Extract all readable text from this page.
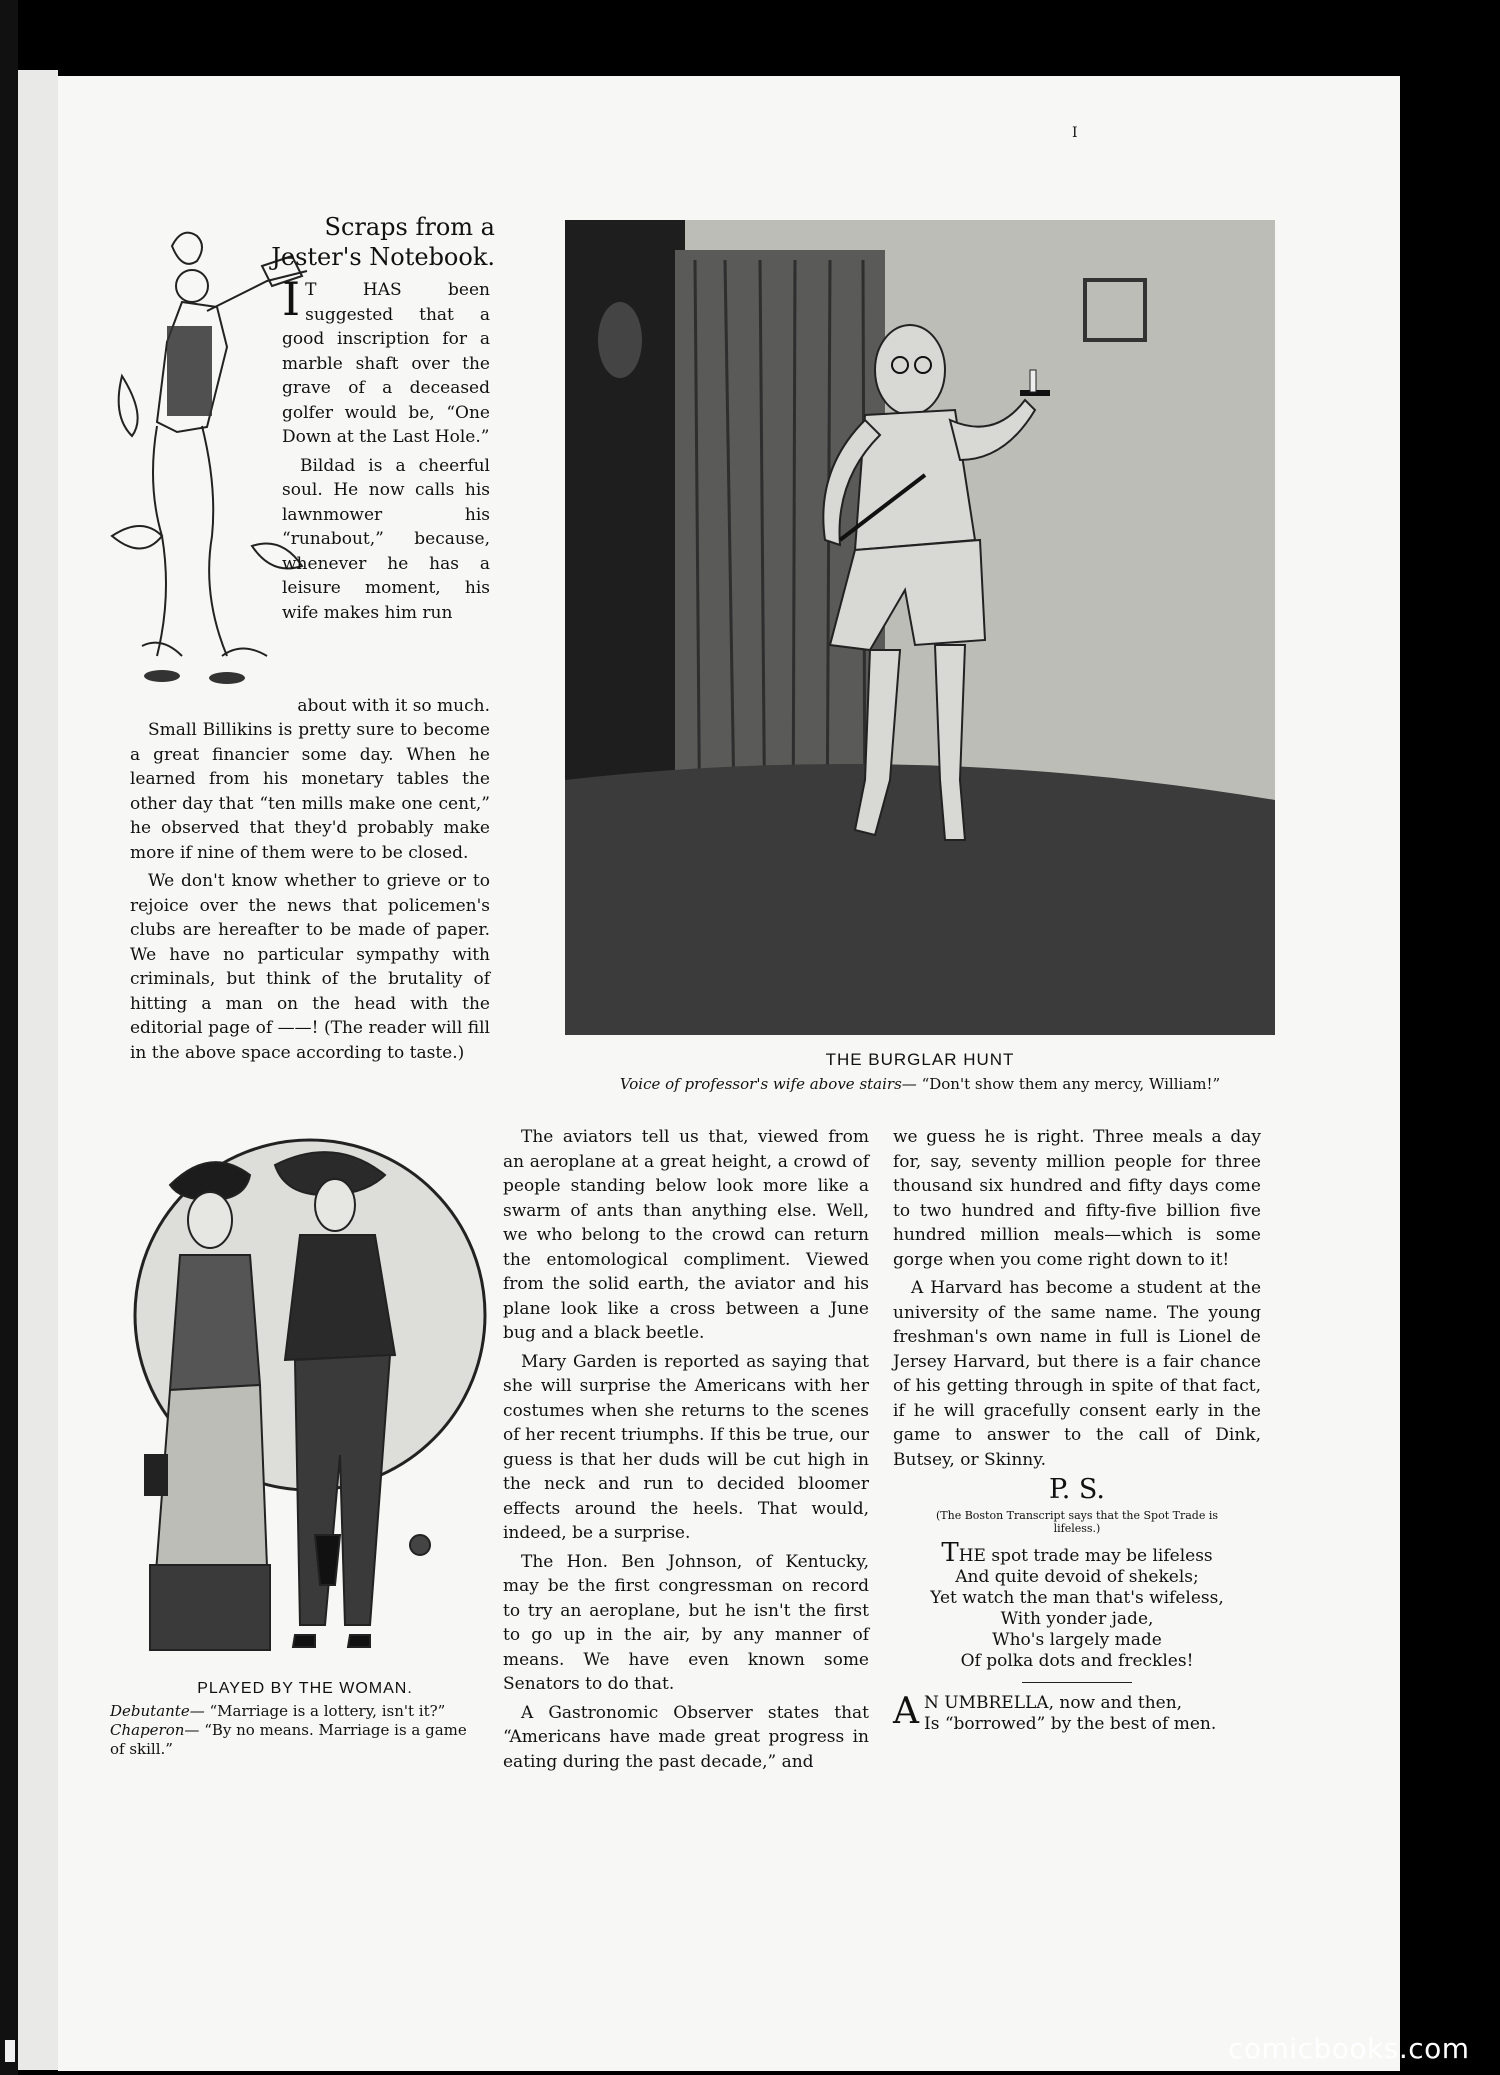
I
Scraps from a Jester's Notebook.

I T HAS been suggested that a good inscription for a marble shaft over the grave of a deceased golfer would be, “One Down at the Last Hole.”

Bildad is a cheerful soul. He now calls his lawnmower his “runabout,” because, whenever he has a leisure moment, his wife makes him run

about with it so much.

Small Billikins is pretty sure to become a great financier some day. When he learned from his monetary tables the other day that “ten mills make one cent,” he observed that they'd probably make more if nine of them were to be closed.

We don't know whether to grieve or to rejoice over the news that policemen's clubs are hereafter to be made of paper. We have no particular sympathy with criminals, but think of the brutality of hitting a man on the head with the editorial page of ——! (The reader will fill in the above space according to taste.)	THE BURGLAR HUNT
Voice of professor's wife above stairs— “Don't show them any mercy, William!”
PLAYED BY THE WOMAN.
Debutante— “Marriage is a lottery, isn't it?”
Chaperon— “By no means. Marriage is a game of skill.”

The aviators tell us that, viewed from an aeroplane at a great height, a crowd of people standing below look more like a swarm of ants than anything else. Well, we who belong to the crowd can return the entomological compliment. Viewed from the solid earth, the aviator and his plane look like a cross between a June bug and a black beetle.

Mary Garden is reported as saying that she will surprise the Americans with her costumes when she returns to the scenes of her recent triumphs. If this be true, our guess is that her duds will be cut high in the neck and run to decided bloomer effects around the heels. That would, indeed, be a surprise.

The Hon. Ben Johnson, of Kentucky, may be the first congressman on record to try an aeroplane, but he isn't the first to go up in the air, by any manner of means. We have even known some Senators to do that.

A Gastronomic Observer states that “Americans have made great progress in eating during the past decade,” and

we guess he is right. Three meals a day for, say, seventy million people for three thousand six hundred and fifty days come to two hundred and fifty-five billion five hundred million meals—which is some gorge when you come right down to it!

A Harvard has become a student at the university of the same name. The young freshman's own name in full is Lionel de Jersey Harvard, but there is a fair chance of his getting through in spite of that fact, if he will gracefully consent early in the game to answer to the call of Dink, Butsey, or Skinny.

P. S.
(The Boston Transcript says that the Spot Trade is lifeless.)
THE spot trade may be lifeless
And quite devoid of shekels;
Yet watch the man that's wifeless,
With yonder jade,
Who's largely made
Of polka dots and freckles!
A N UMBRELLA, now and then,
Is “borrowed” by the best of men.
comicbooks.com
